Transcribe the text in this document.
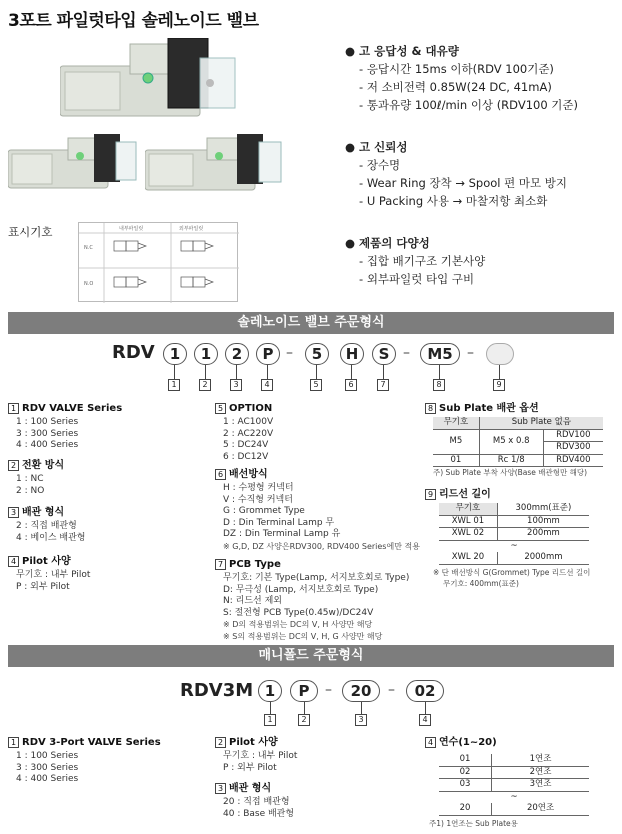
3포트 파일럿타입 솔레노이드 밸브
표시기호	내부파일럿	외부파일럿
N.C
N.O
● 고 응답성 & 대유량
- 응답시간 15ms 이하(RDV 100기준)
- 저 소비전력 0.85W(24 DC, 41mA)
- 통과유량 100ℓ/min 이상 (RDV100 기준)
● 고 신뢰성
- 장수명
- Wear Ring 장착 → Spool 편 마모 방지
- U Packing 사용 → 마찰저항 최소화
● 제품의 다양성
- 집합 배기구조 기본사양
- 외부파일럿 타입 구비
솔레노이드 밸브 주문형식
RDV	1	1	2	P –	5	H	S –	M5	–
1	2	3	4	5	6	7	8	9
1 RDV VALVE Series
1 : 100 Series
3 : 300 Series
4 : 400 Series
2 전환 방식
1 : NC
2 : NO
3 배관 형식
2 : 직접 배관형
4 : 베이스 배관형
4 Pilot 사양
무기호 : 내부 Pilot
P : 외부 Pilot
5 OPTION
1 : AC100V
2 : AC220V
5 : DC24V
6 : DC12V
6 배선방식
H : 수평형 커넥터
V : 수직형 커넥터
G : Grommet Type
D : Din Terminal Lamp 무
DZ : Din Terminal Lamp 유
※ G,D, DZ 사양은RDV300, RDV400 Series에만 적용
7 PCB Type
무기호: 기본 Type(Lamp, 서지보호회로 Type)
D: 무극성 (Lamp, 서지보호회로 Type)
N: 리드선 제외
S: 절전형 PCB Type(0.45w)/DC24V
※ D의 적용범위는 DC의 V, H 사양만 해당
※ S의 적용범위는 DC의 V, H, G 사양만 해당
8 Sub Plate 배관 옵션
무기호	Sub Plate 없음	
M5	M5 x 0.8	RDV100
		RDV300
01	Rc 1/8	RDV400
주) Sub Plate 부착 사양(Base 배관형만 해당)
9 리드선 길이
무기호	300mm(표준)
XWL 01	100mm
XWL 02	200mm
~	
XWL 20	2000mm
※ 단 배선방식 G(Grommet) Type 리드선 길이
무기호: 400mm(표준)
매니폴드 주문형식
RDV3M 1	P	–	20	–	02
1	2	3	4
1 RDV 3-Port VALVE Series
1 : 100 Series
3 : 300 Series
4 : 400 Series
2 Pilot 사양
무기호 : 내부 Pilot
P : 외부 Pilot
3 배관 형식
20 : 직접 배관형
40 : Base 배관형
4 연수(1~20)
01	1연조
02	2연조
03	3연조
~	
20	20연조
주1) 1연조는 Sub Plate용
